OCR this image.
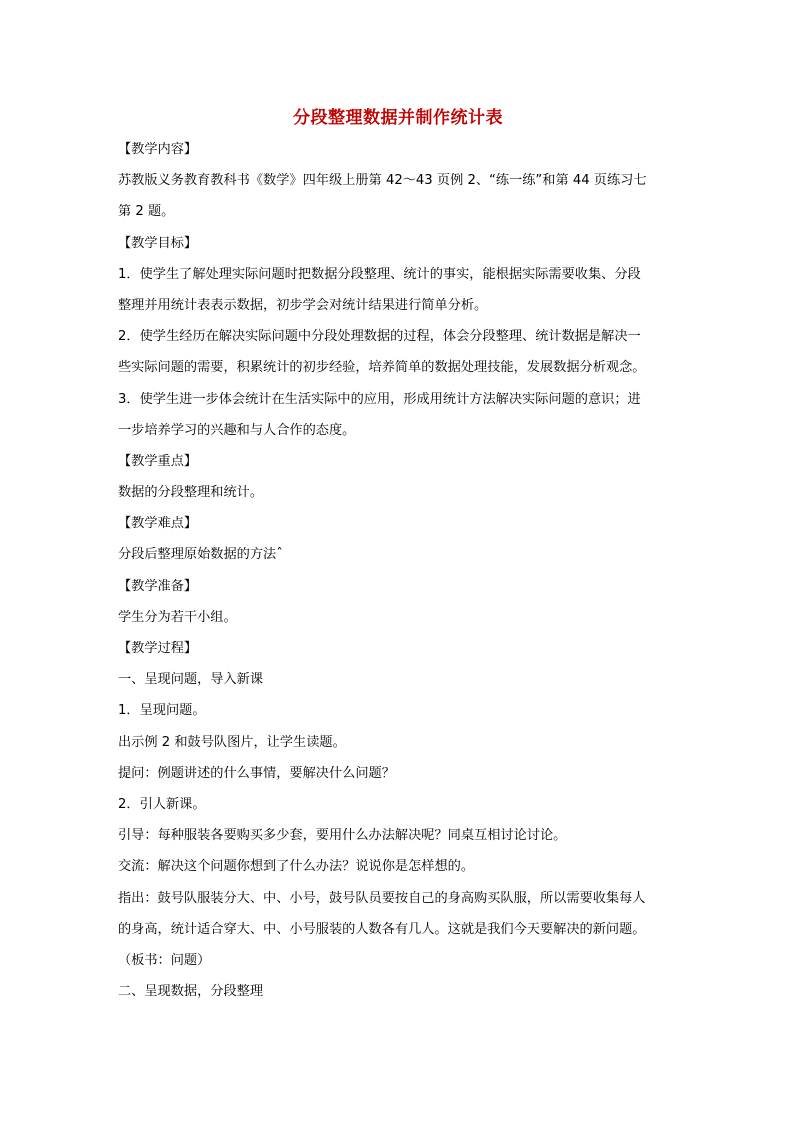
分段整理数据并制作统计表

【教学内容】

苏教版义务教育教科书《数学》四年级上册第 42～43 页例 2、“练一练”和第 44 页练习七

第 2 题。

【教学目标】

1．使学生了解处理实际问题时把数据分段整理、统计的事实，能根据实际需要收集、分段

整理并用统计表表示数据，初步学会对统计结果进行简单分析。

2．使学生经历在解决实际问题中分段处理数据的过程，体会分段整理、统计数据是解决一

些实际问题的需要，积累统计的初步经验，培养简单的数据处理技能，发展数据分析观念。

3．使学生进一步体会统计在生活实际中的应用，形成用统计方法解决实际问题的意识；进

一步培养学习的兴趣和与人合作的态度。

【教学重点】

数据的分段整理和统计。

【教学难点】

分段后整理原始数据的方法ˆ

【教学准备】

学生分为若干小组。

【教学过程】

一、呈现问题，导入新课

1．呈现问题。

出示例 2 和鼓号队图片，让学生读题。

提问：例题讲述的什么事情，要解决什么问题？

2．引人新课。

引导：每种服装各要购买多少套，要用什么办法解决呢？同桌互相讨论讨论。

交流：解决这个问题你想到了什么办法？说说你是怎样想的。

指出：鼓号队服装分大、中、小号，鼓号队员要按自己的身高购买队服，所以需要收集每人

的身高，统计适合穿大、中、小号服装的人数各有几人。这就是我们今天要解决的新问题。

（板书：问题）

二、呈现数据，分段整理
